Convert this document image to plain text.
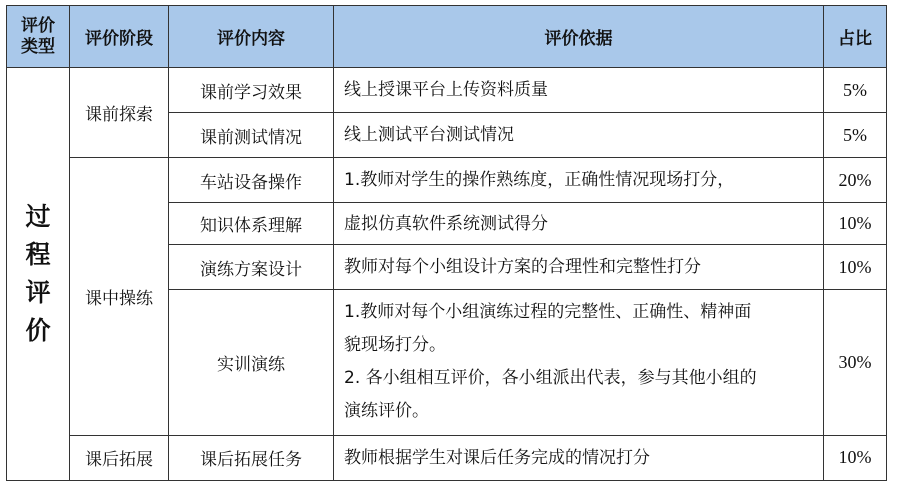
评价类型	评价阶段	评价内容	评价依据	占比
过程评价	课前探索	课前学习效果	线上授课平台上传资料质量	5%
		课前测试情况	线上测试平台测试情况	5%
	课中操练	车站设备操作	1.教师对学生的操作熟练度，正确性情况现场打分，	20%
		知识体系理解	虚拟仿真软件系统测试得分	10%
		演练方案设计	教师对每个小组设计方案的合理性和完整性打分	10%
		实训演练	1.教师对每个小组演练过程的完整性、正确性、精神面
貌现场打分。
2. 各小组相互评价，各小组派出代表，参与其他小组的
演练评价。	30%
	课后拓展	课后拓展任务	教师根据学生对课后任务完成的情况打分	10%
